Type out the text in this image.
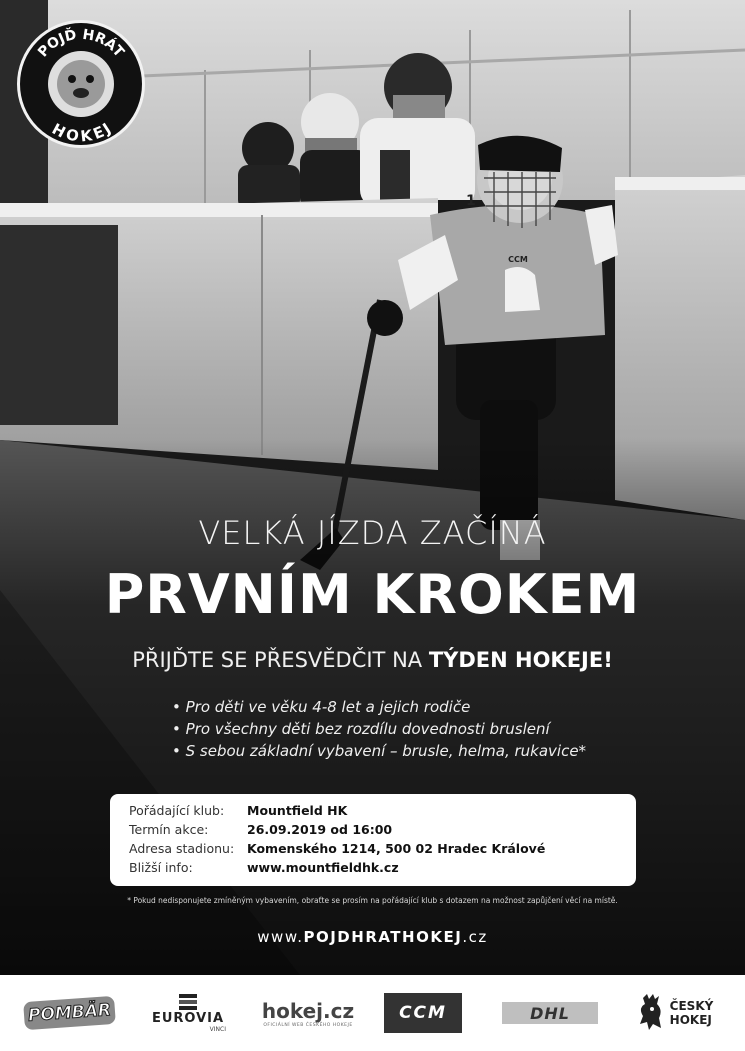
POJĎ HRÁT
HOKEJ
VELKÁ JÍZDA ZAČÍNÁ
PRVNÍM KROKEM

PŘIJĎTE SE PŘESVĚDČIT NA TÝDEN HOKEJE!

• Pro děti ve věku 4-8 let a jejich rodiče
• Pro všechny děti bez rozdílu dovednosti bruslení
• S sebou základní vybavení – brusle, helma, rukavice*
Pořádající klub: Mountfield HK
Termín akce:	26.09.2019 od 16:00
Adresa stadionu: Komenského 1214, 500 02 Hradec Králové
Bližší info:	www.mountfieldhk.cz
* Pokud nedisponujete zmíněným vybavením, obraťte se prosím na pořádající klub s dotazem na možnost zapůjčení věcí na místě.
www.POJDHRATHOKEJ.cz
POMBÄR	EUROVIA
VINCI
hokej.cz
OFICIÁLNÍ WEB ČESKÉHO HOKEJE
CCM	DHL	ČESKÝ
HOKEJ
